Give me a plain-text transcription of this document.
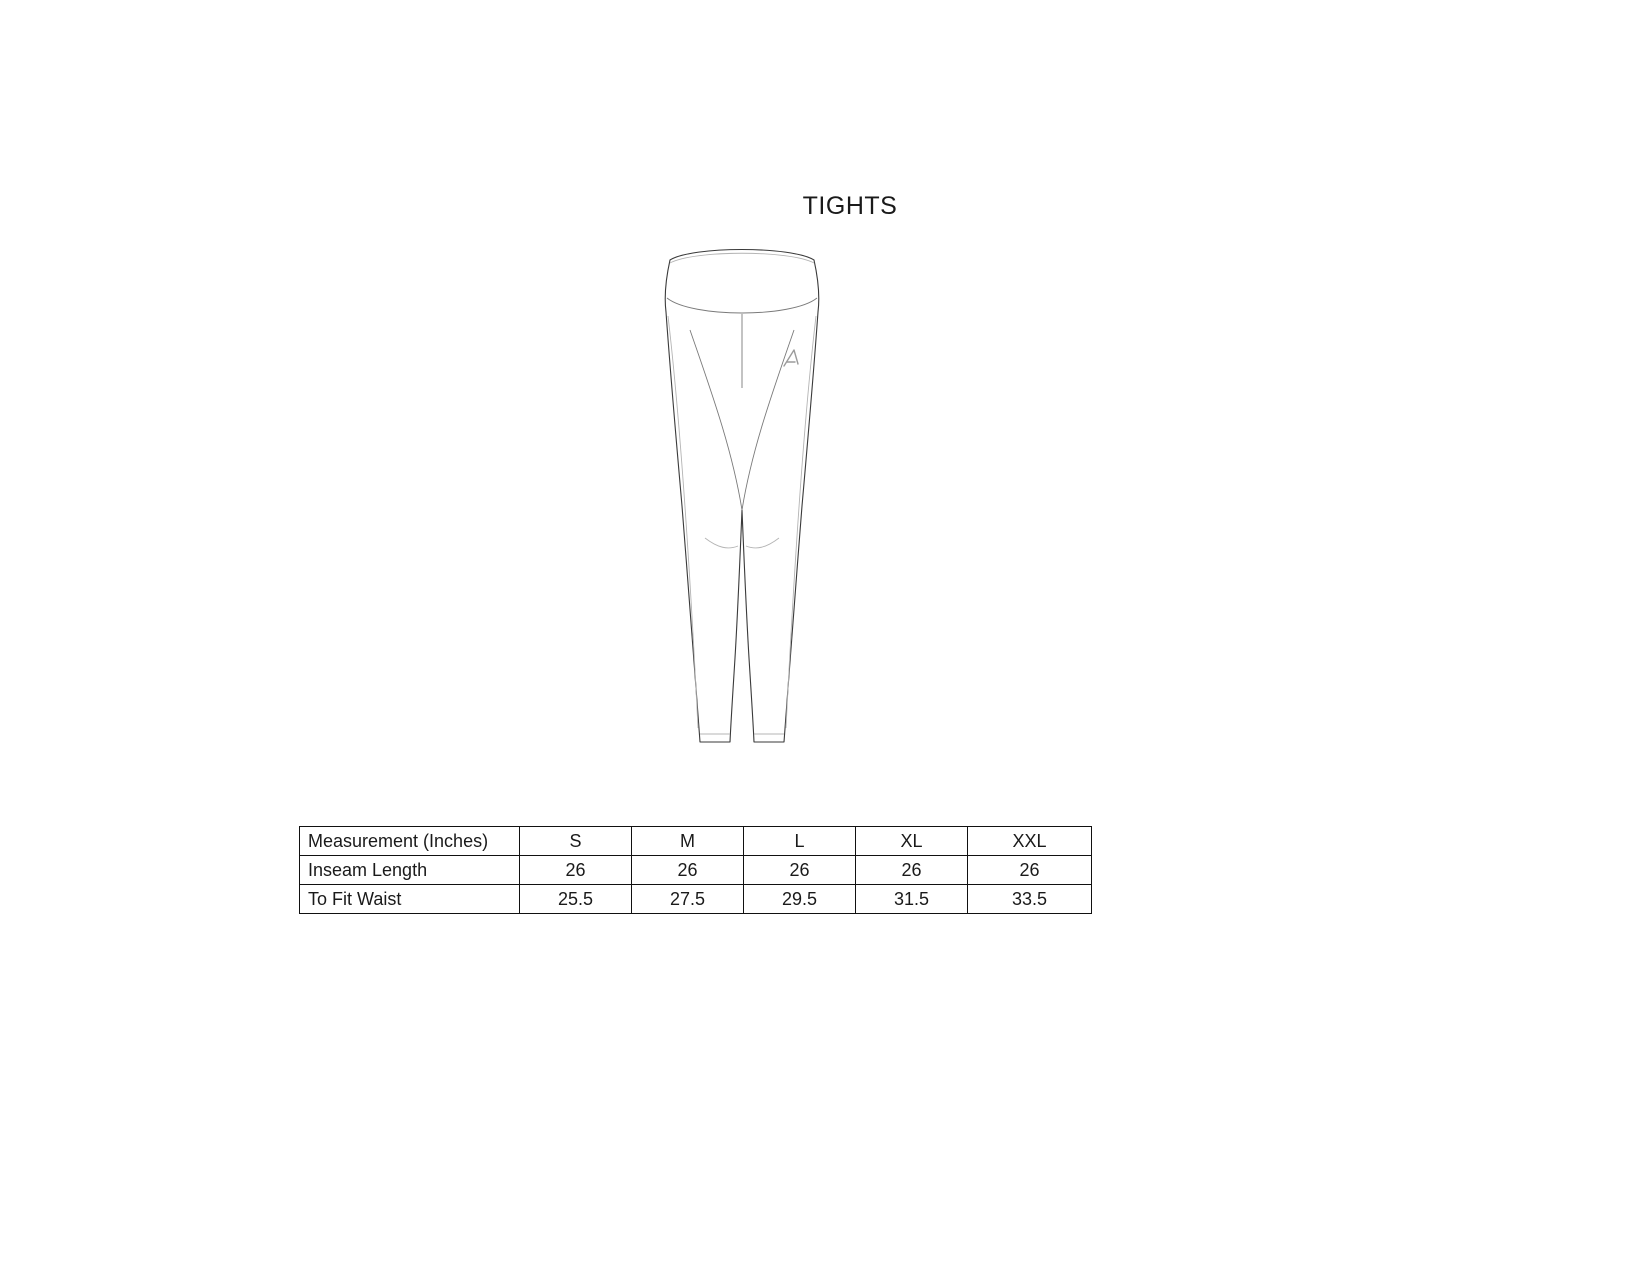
TIGHTS
Measurement (Inches)	S	M	L	XL	XXL
Inseam Length	26	26	26	26	26
To Fit Waist	25.5	27.5	29.5	31.5	33.5
